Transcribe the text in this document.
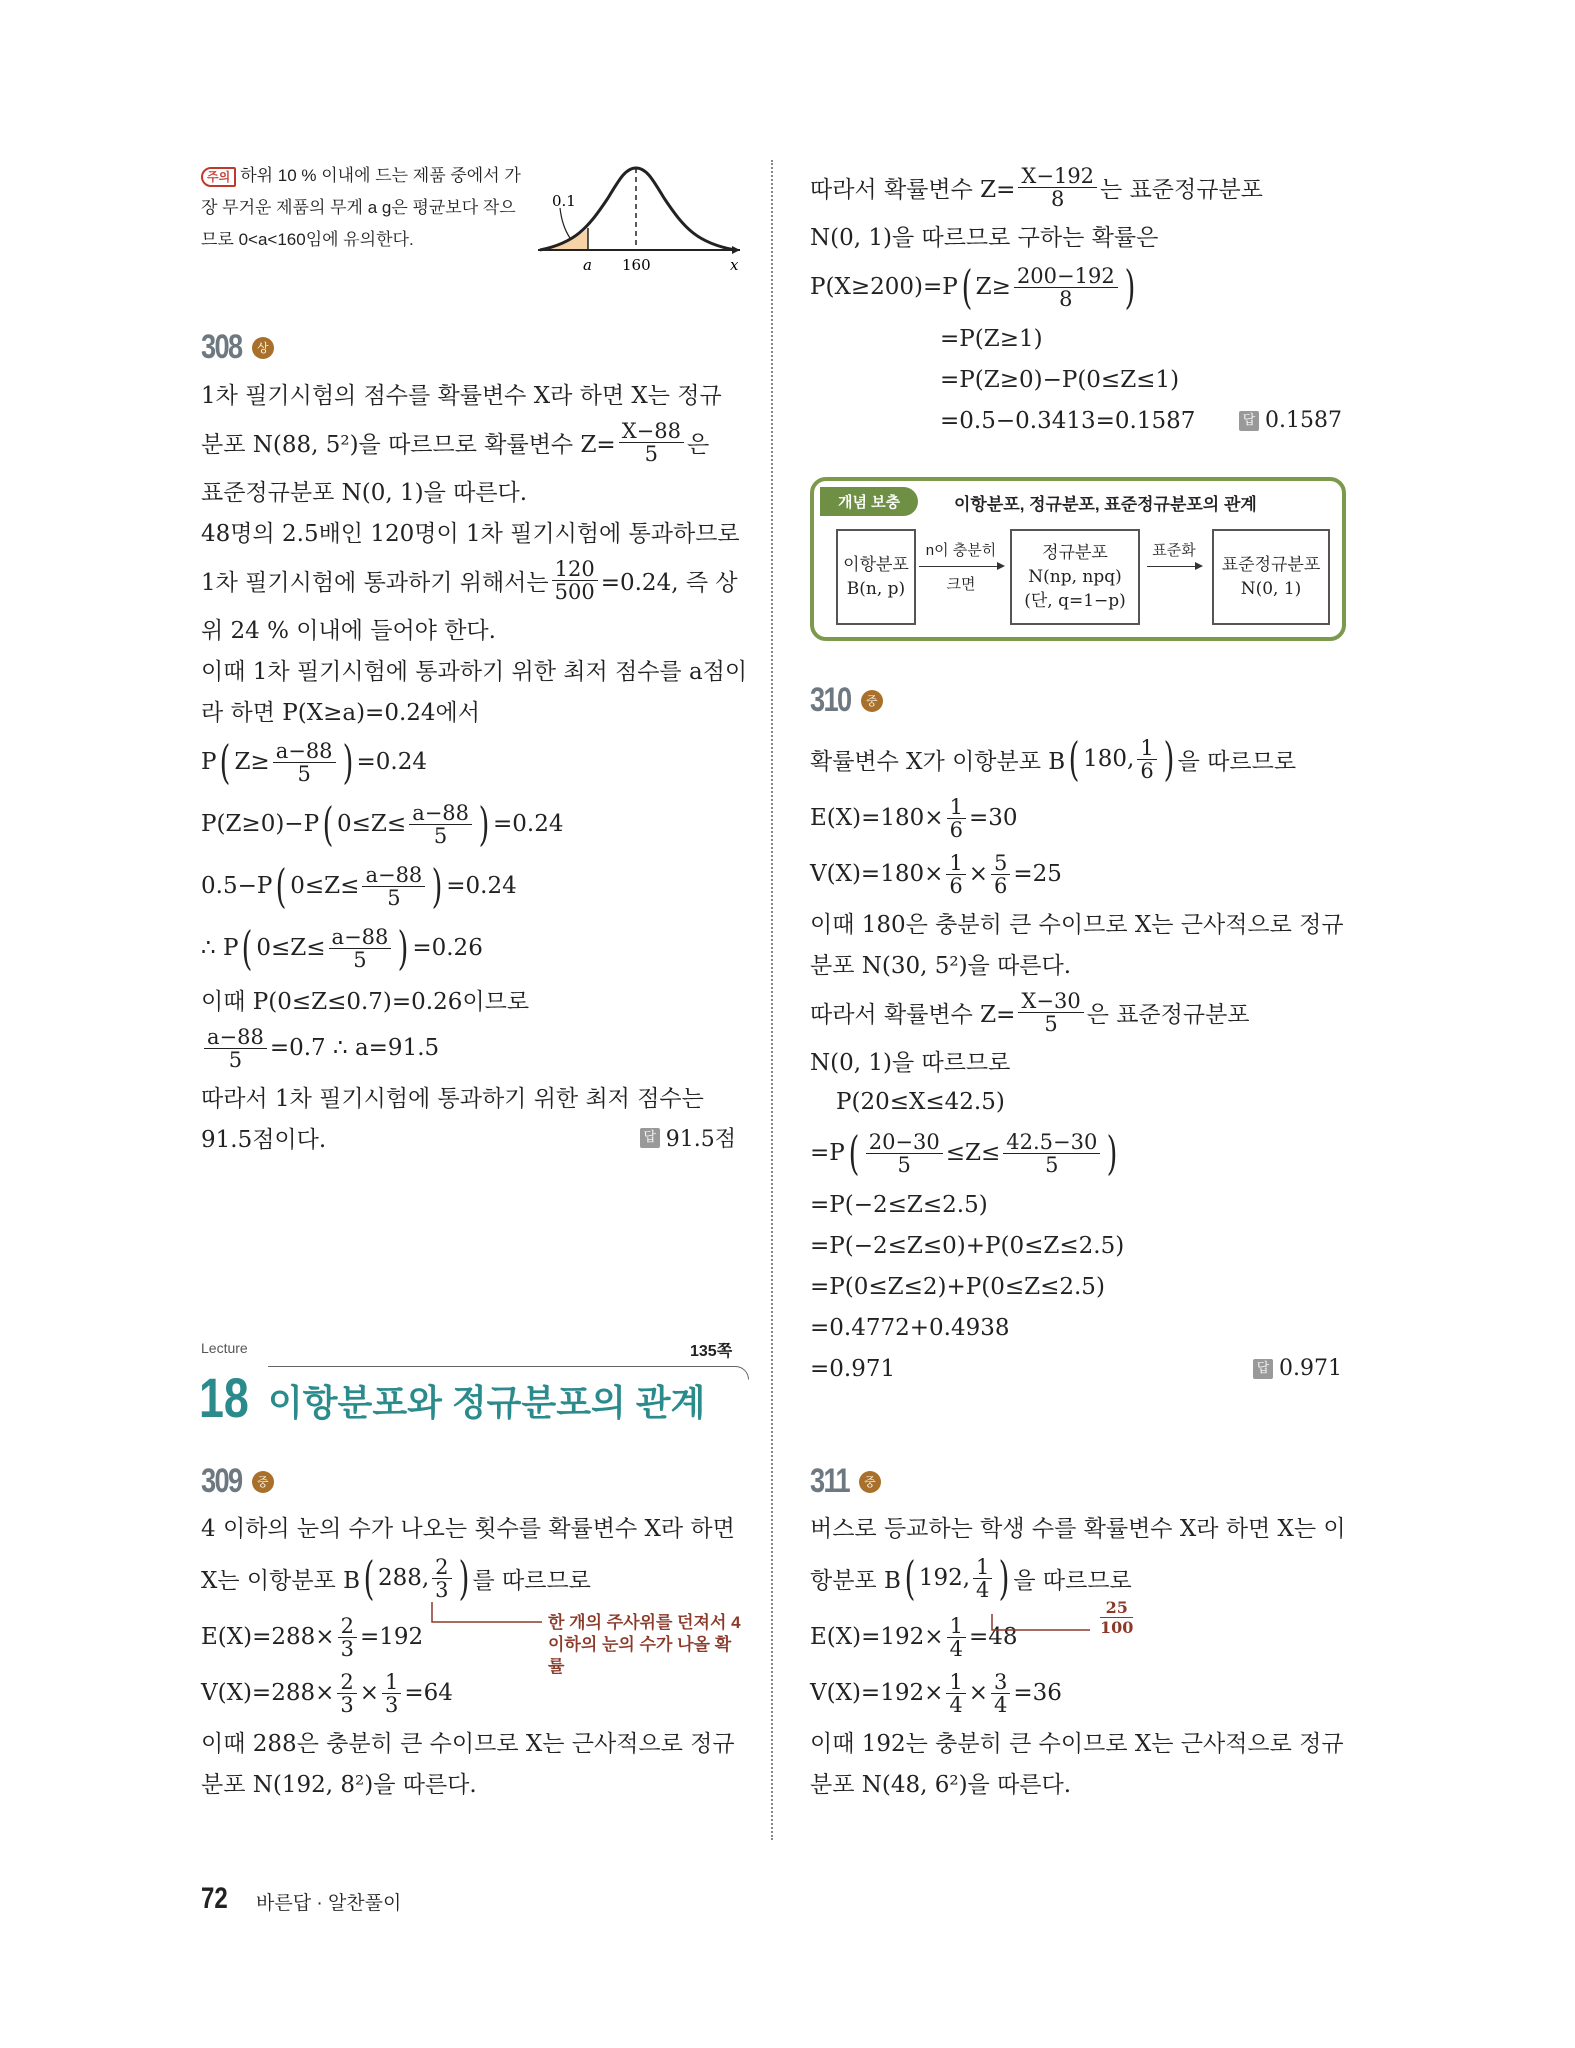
주의 하위 10 % 이내에 드는 제품 중에서 가장 무거운 제품의 무게 a g은 평균보다 작으므로 0<a<160임에 유의한다.
0.1
a 160	x
308	상
310	중
309	중	311	중
1차 필기시험의 점수를 확률변수 X라 하면 X는 정규
분포 N(88, 5²)을 따르므로 확률변수 $Z= \frac{X-88}{5}$ 은
표준정규분포 N(0, 1)을 따른다.
48명의 2.5배인 120명이 1차 필기시험에 통과하므로
1차 필기시험에 통과하기 위해서는 $\frac{120}{500} =0.24$, 즉 상
위 24 % 이내에 들어야 한다.
이때 1차 필기시험에 통과하기 위한 최저 점수를 a점이
라 하면 P(X≥a)=0.24에서
P ( $Z\ge \frac{a-88}{5}$ ) =0.24
P(Z≥0)−P ( $0\le Z\le \frac{a-88}{5}$ ) =0.24
0.5−P ( $0\le Z\le \frac{a-88}{5}$ ) =0.24
∴ P ( $0\le Z\le \frac{a-88}{5}$ ) =0.26
이때 P(0≤Z≤0.7)=0.26이므로
$\frac{a-88}{5} =0.7$ ∴ a=91.5
따라서 1차 필기시험에 통과하기 위한 최저 점수는
91.5점이다.	답 91.5점
따라서 확률변수 $Z= \frac{X-192}{8}$ 는 표준정규분포
N(0, 1)을 따르므로 구하는 확률은
P(X≥200)=P ( $Z\ge \frac{200-192}{8}$ )
=P(Z≥1)
=P(Z≥0)−P(0≤Z≤1)
=0.5−0.3413=0.1587	답 0.1587
확률변수 X가 이항분포 B ( 180, $\frac{1}{6}$ ) 을 따르므로
$E(X)=180\times \frac{1}{6} =30$
$V(X)=180\times \frac{1}{6} \times \frac{5}{6} =25$
이때 180은 충분히 큰 수이므로 X는 근사적으로 정규
분포 N(30, 5²)을 따른다.
따라서 확률변수 $Z= \frac{X-30}{5}$ 은 표준정규분포
N(0, 1)을 따르므로
P(20≤X≤42.5)
=P ( $\frac{20-30}{5} \le Z\le \frac{42.5-30}{5}$ )
=P(−2≤Z≤2.5)
=P(−2≤Z≤0)+P(0≤Z≤2.5)
=P(0≤Z≤2)+P(0≤Z≤2.5)
=0.4772+0.4938
=0.971	답 0.971
4 이하의 눈의 수가 나오는 횟수를 확률변수 X라 하면
X는 이항분포 B ( 288, $\frac{2}{3}$ ) 를 따르므로
$E(X)=288\times \frac{2}{3} =192$
$V(X)=288\times \frac{2}{3} \times \frac{1}{3} =64$
이때 288은 충분히 큰 수이므로 X는 근사적으로 정규
분포 N(192, 8²)을 따른다.
버스로 등교하는 학생 수를 확률변수 X라 하면 X는 이
항분포 B ( 192, $\frac{1}{4}$ ) 을 따르므로
$E(X)=192\times \frac{1}{4} =48$
$V(X)=192\times \frac{1}{4} \times \frac{3}{4} =36$
이때 192는 충분히 큰 수이므로 X는 근사적으로 정규
분포 N(48, 6²)을 따른다.
개념 보충	이항분포, 정규분포, 표준정규분포의 관계
이항분포
B(n, p)
n이 충분히
크면
정규분포
N(np, npq)
(단, q=1−p)
표준화
표준정규분포
N(0, 1)
Lecture	135쪽
18 이항분포와 정규분포의 관계
한 개의 주사위를 던져서 4 이하의 눈의 수가 나올 확률
$\frac{25}{100}$
72 바른답 · 알찬풀이
